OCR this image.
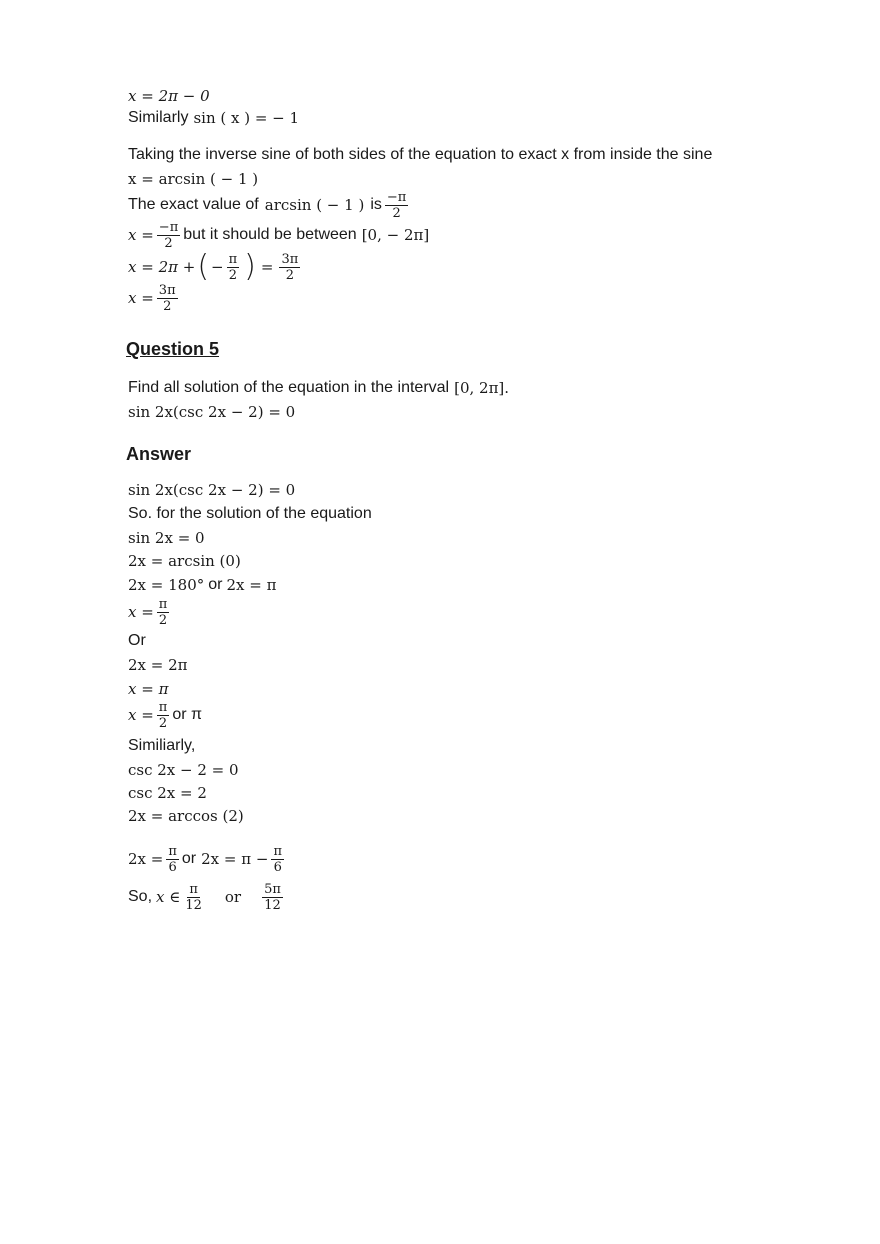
x = 2π − 0
Similarly sin ( x ) = − 1
Taking the inverse sine of both sides of the equation to exact x from inside the sine
x = arcsin ( − 1 )
The exact value of arcsin ( − 1 ) is $\frac{-\pi}{2}$
$x = \frac{-\pi}{2}$ but it should be between [0, − 2π]
x = 2π + ( − $\frac{\pi}{2}$ ) = $\frac{3\pi}{2}$
$x = \frac{3\pi}{2}$
Question 5
Find all solution of the equation in the interval [0, 2π].
sin 2x(csc 2x − 2) = 0
Answer
sin 2x(csc 2x − 2) = 0
So. for the solution of the equation
sin 2x = 0
2x = arcsin (0)
2x = 180° or 2x = π
$x = \frac{\pi}{2}$
Or
2x = 2π
x = π
$x = \frac{\pi}{2}$ or π
Similiarly,
csc 2x − 2 = 0
csc 2x = 2
2x = arccos (2)
$2x = \frac{\pi}{6}$ or $2x = \pi - \frac{\pi}{6}$
So, x ∈ $\frac{\pi}{12}$ or $\frac{5\pi}{12}$
